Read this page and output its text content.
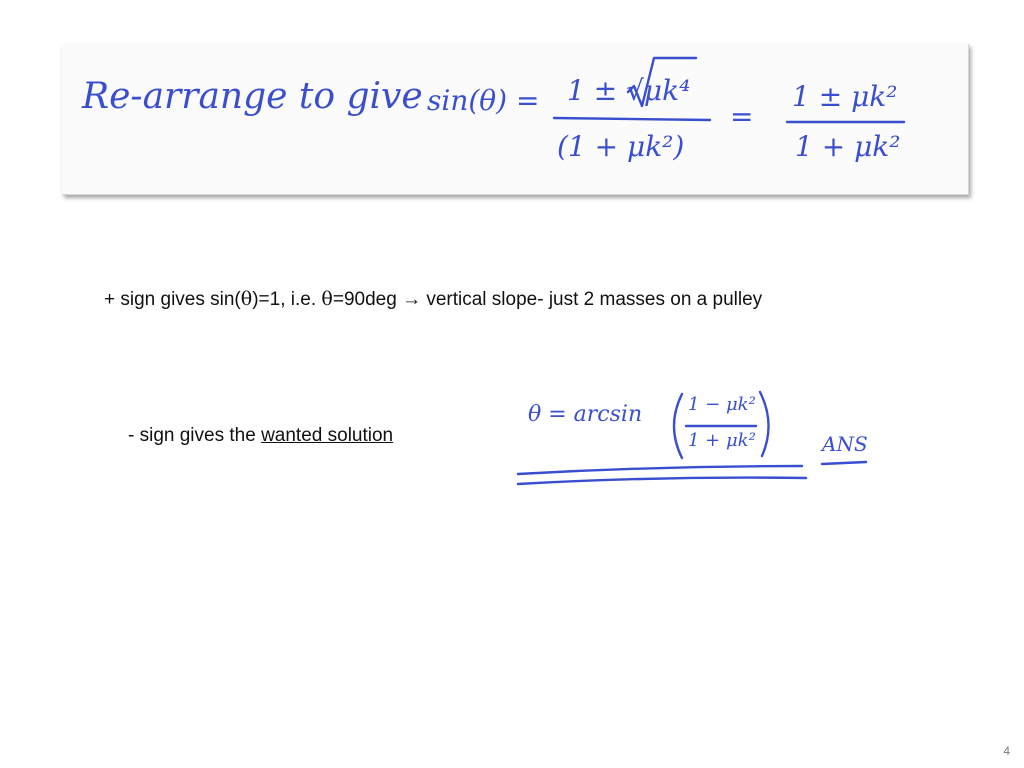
Re-arrange to give sin(θ) = 1 ± √μk⁴
(1 + μk²)
=
1 ± μk²
1 + μk²
+ sign gives sin(θ)=1, i.e. θ=90deg → vertical slope- just 2 masses on a pulley
- sign gives the wanted solution
θ = arcsin	1 − μk²
1 + μk²	ANS
4
